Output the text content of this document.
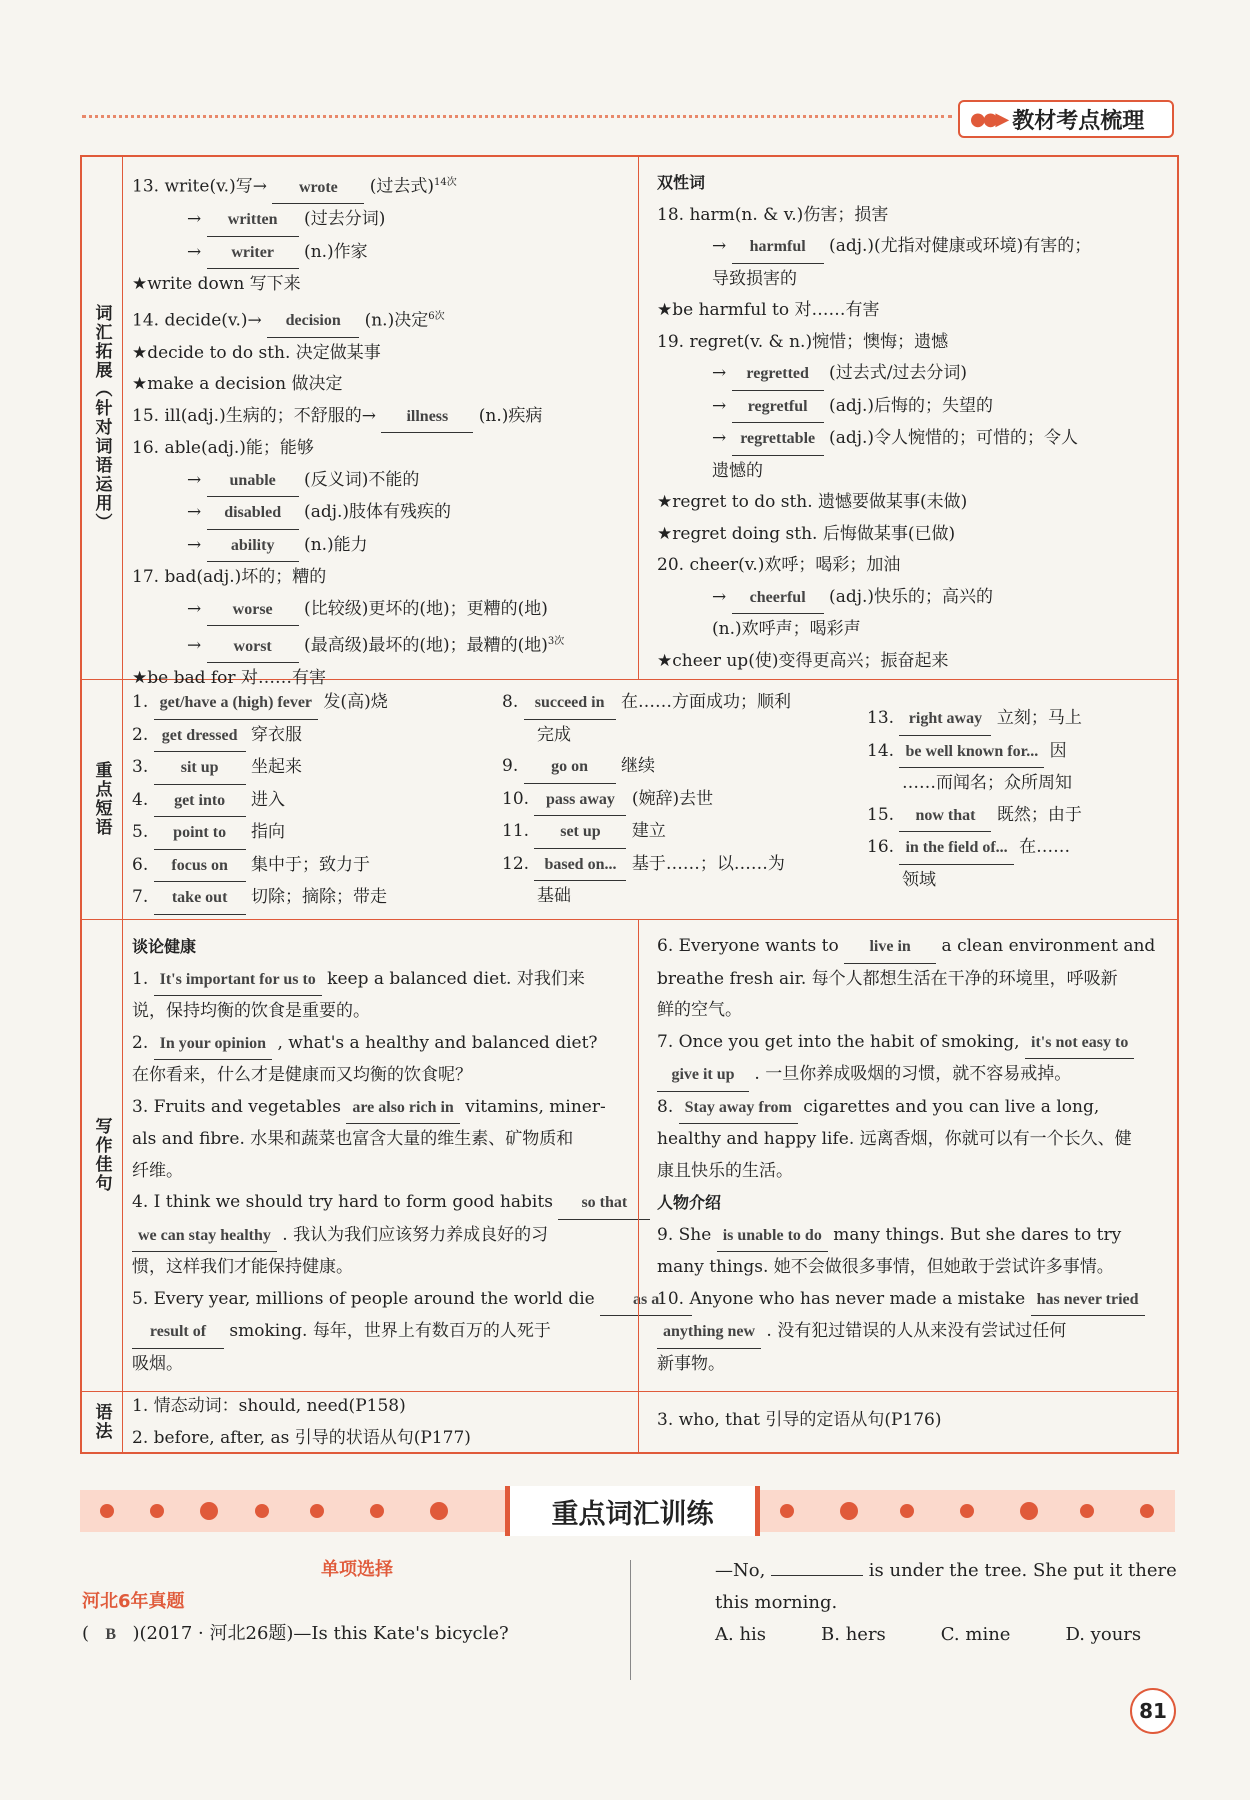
●●▶ 教材考点梳理
词汇拓展（针对词语运用）
13. write(v.)写→ wrote (过去式)$^{14次}$
→ written (过去分词)
→ writer (n.)作家
★write down 写下来
14. decide(v.)→ decision (n.)决定$^{6次}$
★decide to do sth. 决定做某事
★make a decision 做决定
15. ill(adj.)生病的；不舒服的→ illness (n.)疾病
16. able(adj.)能；能够
→ unable (反义词)不能的
→ disabled (adj.)肢体有残疾的
→ ability (n.)能力
17. bad(adj.)坏的；糟的
→ worse (比较级)更坏的(地)；更糟的(地)
→ worst (最高级)最坏的(地)；最糟的(地)$^{3次}$
★be bad for 对……有害
双性词
18. harm(n. & v.)伤害；损害
→ harmful (adj.)(尤指对健康或环境)有害的；
导致损害的
★be harmful to 对……有害
19. regret(v. & n.)惋惜；懊悔；遗憾
→ regretted (过去式/过去分词)
→ regretful (adj.)后悔的；失望的
→ regrettable (adj.)令人惋惜的；可惜的；令人
遗憾的
★regret to do sth. 遗憾要做某事(未做)
★regret doing sth. 后悔做某事(已做)
20. cheer(v.)欢呼；喝彩；加油
→ cheerful (adj.)快乐的；高兴的
(n.)欢呼声；喝彩声
★cheer up(使)变得更高兴；振奋起来
重点短语
1. get/have a (high) fever 发(高)烧
2. get dressed 穿衣服
3. sit up 坐起来
4. get into 进入
5. point to 指向
6. focus on 集中于；致力于
7. take out 切除；摘除；带走
8. succeed in 在……方面成功；顺利
完成
9. go on 继续
10. pass away (婉辞)去世
11. set up 建立
12. based on... 基于……；以……为
基础
13. right away 立刻；马上
14. be well known for... 因
……而闻名；众所周知
15. now that 既然；由于
16. in the field of... 在……
领域
写作佳句
谈论健康
1. It's important for us to keep a balanced diet. 对我们来
说，保持均衡的饮食是重要的。
2. In your opinion , what's a healthy and balanced diet?
在你看来，什么才是健康而又均衡的饮食呢？
3. Fruits and vegetables are also rich in vitamins, miner-
als and fibre. 水果和蔬菜也富含大量的维生素、矿物质和
纤维。
4. I think we should try hard to form good habits so that
we can stay healthy . 我认为我们应该努力养成良好的习
惯，这样我们才能保持健康。
5. Every year, millions of people around the world die as a
result of smoking. 每年，世界上有数百万的人死于
吸烟。
6. Everyone wants to live in a clean environment and
breathe fresh air. 每个人都想生活在干净的环境里，呼吸新
鲜的空气。
7. Once you get into the habit of smoking, it's not easy to
give it up . 一旦你养成吸烟的习惯，就不容易戒掉。
8. Stay away from cigarettes and you can live a long,
healthy and happy life. 远离香烟，你就可以有一个长久、健
康且快乐的生活。
人物介绍
9. She is unable to do many things. But she dares to try
many things. 她不会做很多事情，但她敢于尝试许多事情。
10. Anyone who has never made a mistake has never tried
anything new . 没有犯过错误的人从来没有尝试过任何
新事物。
语法 1. 情态动词：should, need(P158)
2. before, after, as 引导的状语从句(P177)
3. who, that 引导的定语从句(P176)
重点词汇训练
单项选择
河北6年真题
( B )(2017 · 河北26题)—Is this Kate's bicycle?
—No,	is under the tree. She put it there
this morning.
A. his	B. hers	C. mine	D. yours
81
